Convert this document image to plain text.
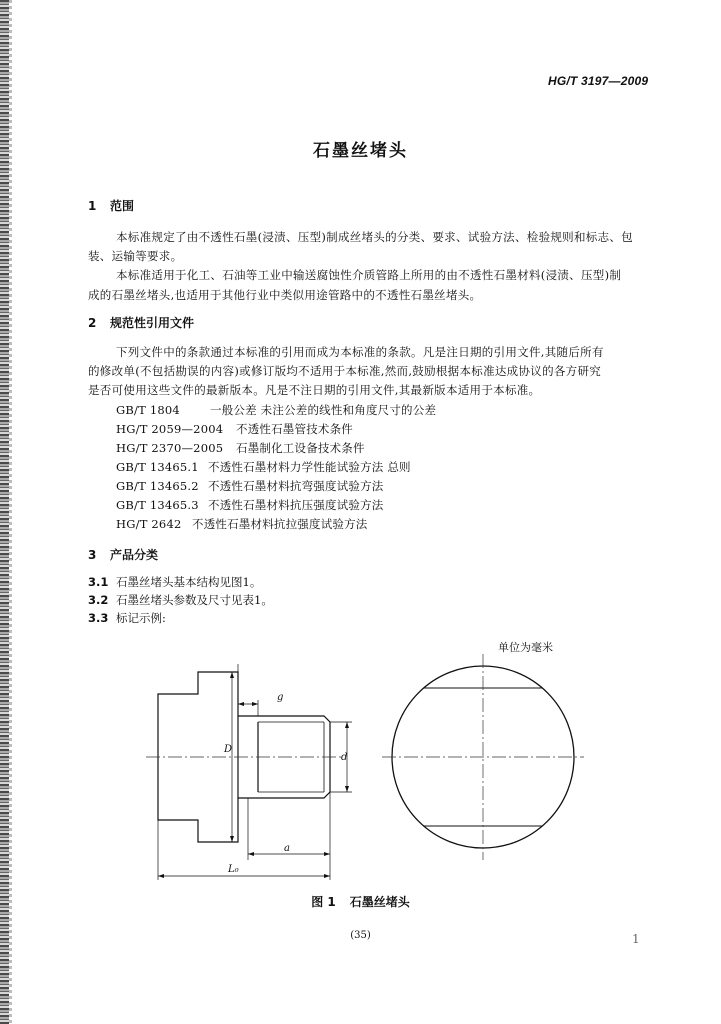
HG/T 3197—2009
石墨丝堵头
1 范围
本标准规定了由不透性石墨(浸渍、压型)制成丝堵头的分类、要求、试验方法、检验规则和标志、包
装、运输等要求。
本标准适用于化工、石油等工业中输送腐蚀性介质管路上所用的由不透性石墨材料(浸渍、压型)制
成的石墨丝堵头,也适用于其他行业中类似用途管路中的不透性石墨丝堵头。
2 规范性引用文件
下列文件中的条款通过本标准的引用而成为本标准的条款。凡是注日期的引用文件,其随后所有
的修改单(不包括勘误的内容)或修订版均不适用于本标准,然而,鼓励根据本标准达成协议的各方研究
是否可使用这些文件的最新版本。凡是不注日期的引用文件,其最新版本适用于本标准。
GB/T 1804	一般公差 未注公差的线性和角度尺寸的公差
HG/T 2059—2004 不透性石墨管技术条件
HG/T 2370—2005 石墨制化工设备技术条件
GB/T 13465.1 不透性石墨材料力学性能试验方法 总则
GB/T 13465.2 不透性石墨材料抗弯强度试验方法
GB/T 13465.3 不透性石墨材料抗压强度试验方法
HG/T 2642 不透性石墨材料抗拉强度试验方法
3 产品分类
3.1 石墨丝堵头基本结构见图1。
3.2 石墨丝堵头参数及尺寸见表1。
3.3 标记示例:
单位为毫米
g
D
d
a
L₀
图 1 石墨丝堵头
(35)	1
